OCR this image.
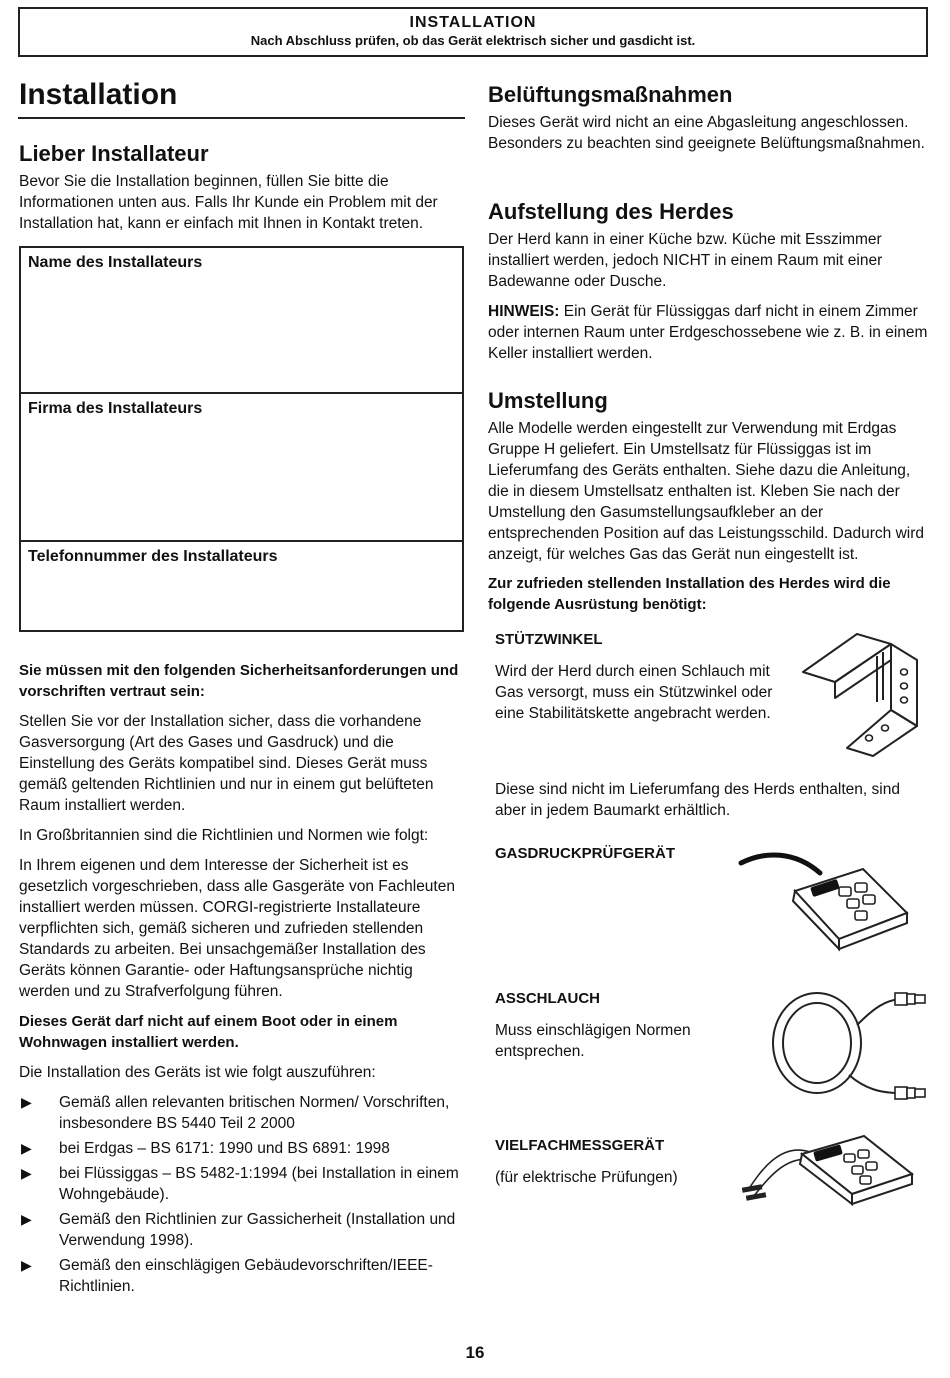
INSTALLATION
Nach Abschluss prüfen, ob das Gerät elektrisch sicher und gasdicht ist.
Installation
Lieber Installateur
Bevor Sie die Installation beginnen, füllen Sie bitte die Informationen unten aus. Falls Ihr Kunde ein Problem mit der Installation hat, kann er einfach mit Ihnen in Kontakt treten.
Name des Installateurs
Firma des Installateurs
Telefonnummer des Installateurs
Sie müssen mit den folgenden Sicherheitsanforderungen und vorschriften vertraut sein:
Stellen Sie vor der Installation sicher, dass die vorhandene Gasversorgung (Art des Gases und Gasdruck) und die Einstellung des Geräts kompatibel sind. Dieses Gerät muss gemäß geltenden Richtlinien und nur in einem gut belüfteten Raum installiert werden.
In Großbritannien sind die Richtlinien und Normen wie folgt:
In Ihrem eigenen und dem Interesse der Sicherheit ist es gesetzlich vorgeschrieben, dass alle Gasgeräte von Fachleuten installiert werden müssen. CORGI-registrierte Installateure verpflichten sich, gemäß sicheren und zufrieden stellenden Standards zu arbeiten. Bei unsachgemäßer Installation des Geräts können Garantie- oder Haftungsansprüche nichtig werden und zu Strafverfolgung führen.
Dieses Gerät darf nicht auf einem Boot oder in einem Wohnwagen installiert werden.
Die Installation des Geräts ist wie folgt auszuführen:
▶ Gemäß allen relevanten britischen Normen/ Vorschriften, insbesondere BS 5440 Teil 2 2000
▶ bei Erdgas – BS 6171: 1990 und BS 6891: 1998
▶ bei Flüssiggas – BS 5482-1:1994 (bei Installation in einem Wohngebäude).
▶ Gemäß den Richtlinien zur Gassicherheit (Installation und Verwendung 1998).
▶ Gemäß den einschlägigen Gebäudevorschriften/IEEE-Richtlinien.
Belüftungsmaßnahmen
Dieses Gerät wird nicht an eine Abgasleitung angeschlossen. Besonders zu beachten sind geeignete Belüftungsmaßnahmen.
Aufstellung des Herdes
Der Herd kann in einer Küche bzw. Küche mit Esszimmer installiert werden, jedoch NICHT in einem Raum mit einer Badewanne oder Dusche.
HINWEIS: Ein Gerät für Flüssiggas darf nicht in einem Zimmer oder internen Raum unter Erdgeschossebene wie z. B. in einem Keller installiert werden.
Umstellung
Alle Modelle werden eingestellt zur Verwendung mit Erdgas Gruppe H geliefert. Ein Umstellsatz für Flüssiggas ist im Lieferumfang des Geräts enthalten. Siehe dazu die Anleitung, die in diesem Umstellsatz enthalten ist. Kleben Sie nach der Umstellung den Gasumstellungsaufkleber an der entsprechenden Position auf das Leistungsschild. Dadurch wird anzeigt, für welches Gas das Gerät nun eingestellt ist.
Zur zufrieden stellenden Installation des Herdes wird die folgende Ausrüstung benötigt:
STÜTZWINKEL
Wird der Herd durch einen Schlauch mit Gas versorgt, muss ein Stützwinkel oder eine Stabilitätskette angebracht werden.
Diese sind nicht im Lieferumfang des Herds enthalten, sind aber in jedem Baumarkt erhältlich.
GASDRUCKPRÜFGERÄT
ASSCHLAUCH
Muss einschlägigen Normen entsprechen.
VIELFACHMESSGERÄT
(für elektrische Prüfungen)
16
